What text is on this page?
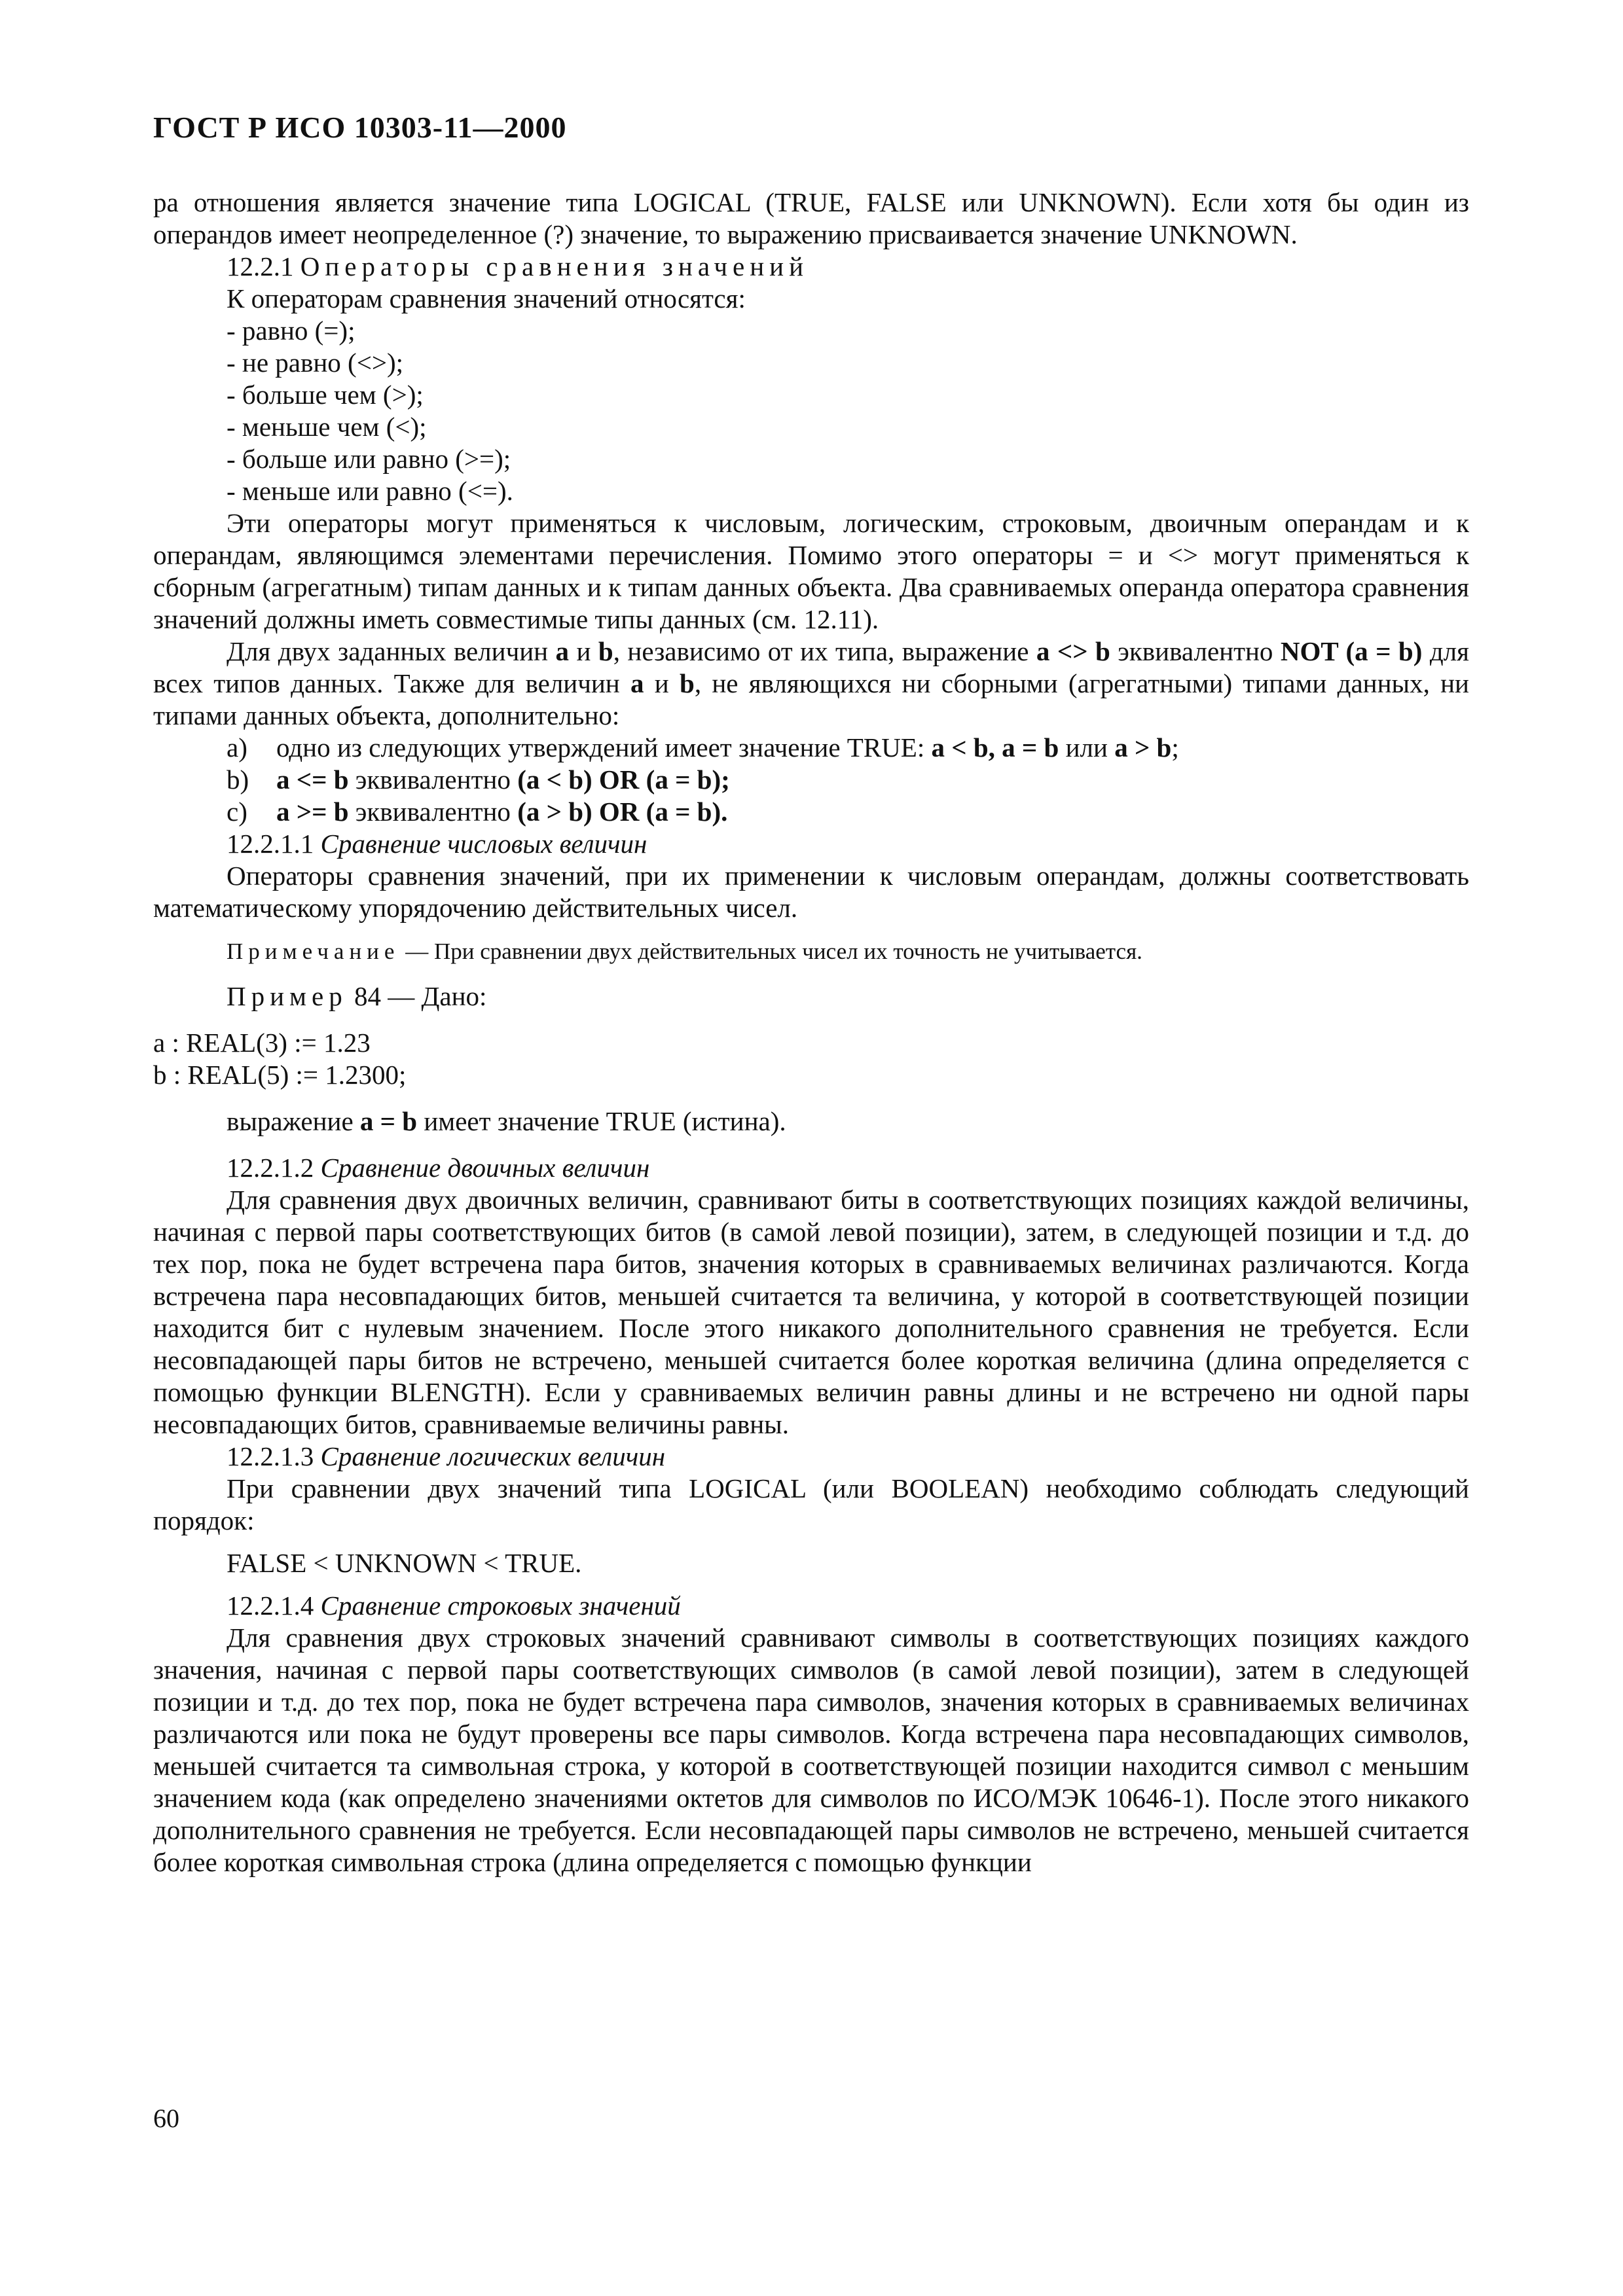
ГОСТ Р ИСО 10303-11—2000

ра отношения является значение типа LOGICAL (TRUE, FALSE или UNKNOWN). Если хотя бы один из операндов имеет неопределенное (?) значение, то выражению присваивается значение UNKNOWN.

12.2.1 Операторы сравнения значений

К операторам сравнения значений относятся:

- равно (=);

- не равно (<>);

- больше чем (>);

- меньше чем (<);

- больше или равно (>=);

- меньше или равно (<=).

Эти операторы могут применяться к числовым, логическим, строковым, двоичным операндам и к операндам, являющимся элементами перечисления. Помимо этого операторы = и <> могут применяться к сборным (агрегатным) типам данных и к типам данных объекта. Два сравниваемых операнда оператора сравнения значений должны иметь совместимые типы данных (см. 12.11).

Для двух заданных величин a и b, независимо от их типа, выражение a <> b эквивалентно NOT (a = b) для всех типов данных. Также для величин a и b, не являющихся ни сборными (агрегатными) типами данных, ни типами данных объекта, дополнительно:

a)	одно из следующих утверждений имеет значение TRUE: a < b, a = b или a > b;

b)	a <= b эквивалентно (a < b) OR (a = b);

c)	a >= b эквивалентно (a > b) OR (a = b).

12.2.1.1 Сравнение числовых величин

Операторы сравнения значений, при их применении к числовым операндам, должны соответствовать математическому упорядочению действительных чисел.

Примечание — При сравнении двух действительных чисел их точность не учитывается.

Пример 84 — Дано:

a : REAL(3) := 1.23

b : REAL(5) := 1.2300;

выражение a = b имеет значение TRUE (истина).

12.2.1.2 Сравнение двоичных величин

Для сравнения двух двоичных величин, сравнивают биты в соответствующих позициях каждой величины, начиная с первой пары соответствующих битов (в самой левой позиции), затем, в следующей позиции и т.д. до тех пор, пока не будет встречена пара битов, значения которых в сравниваемых величинах различаются. Когда встречена пара несовпадающих битов, меньшей считается та величина, у которой в соответствующей позиции находится бит с нулевым значением. После этого никакого дополнительного сравнения не требуется. Если несовпадающей пары битов не встречено, меньшей считается более короткая величина (длина определяется с помощью функции BLENGTH). Если у сравниваемых величин равны длины и не встречено ни одной пары несовпадающих битов, сравниваемые величины равны.

12.2.1.3 Сравнение логических величин

При сравнении двух значений типа LOGICAL (или BOOLEAN) необходимо соблюдать следующий порядок:

FALSE < UNKNOWN < TRUE.

12.2.1.4 Сравнение строковых значений

Для сравнения двух строковых значений сравнивают символы в соответствующих позициях каждого значения, начиная с первой пары соответствующих символов (в самой левой позиции), затем в следующей позиции и т.д. до тех пор, пока не будет встречена пара символов, значения которых в сравниваемых величинах различаются или пока не будут проверены все пары символов. Когда встречена пара несовпадающих символов, меньшей считается та символьная строка, у которой в соответствующей позиции находится символ с меньшим значением кода (как определено значениями октетов для символов по ИСО/МЭК 10646-1). После этого никакого дополнительного сравнения не требуется. Если несовпадающей пары символов не встречено, меньшей считается более короткая символьная строка (длина определяется с помощью функции

60
